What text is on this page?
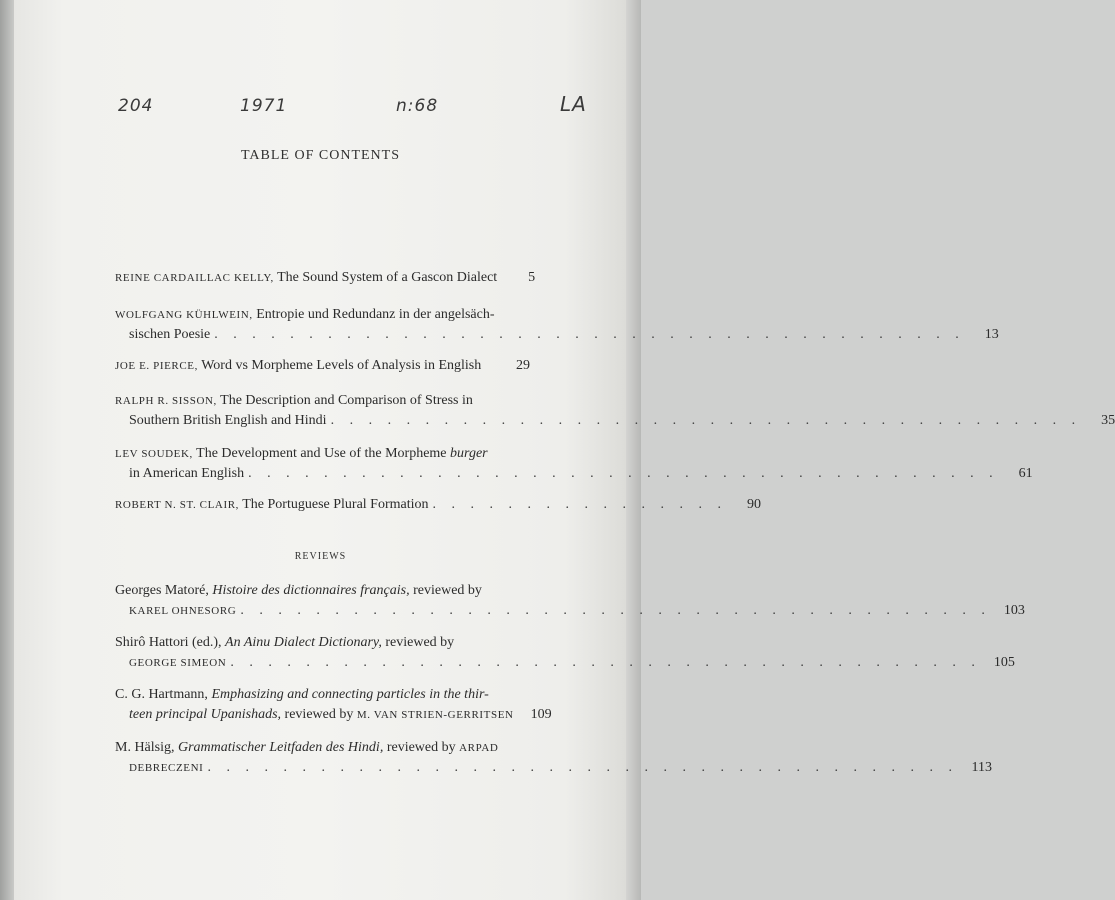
204	1971	n:68	LA
TABLE OF CONTENTS
REINE CARDAILLAC KELLY, The Sound System of a Gascon Dialect	5
WOLFGANG KÜHLWEIN, Entropie und Redundanz in der angelsäch-
sischen Poesie . . . . . . . . . . . . . . . . . . . . . . . . . . . . . . . . . . . . . . . .	13
JOE E. PIERCE, Word vs Morpheme Levels of Analysis in English	29
RALPH R. SISSON, The Description and Comparison of Stress in
Southern British English and Hindi . . . . . . . . . . . . . . . . . . . . . . . . . . . . . . . . . . . . . . . .	35
LEV SOUDEK, The Development and Use of the Morpheme burger
in American English . . . . . . . . . . . . . . . . . . . . . . . . . . . . . . . . . . . . . . . .	61
ROBERT N. ST. CLAIR, The Portuguese Plural Formation . . . . . . . . . . . . . . . .	90
REVIEWS
Georges Matoré, Histoire des dictionnaires français, reviewed by
KAREL OHNESORG . . . . . . . . . . . . . . . . . . . . . . . . . . . . . . . . . . . . . . . . 103
Shirô Hattori (ed.), An Ainu Dialect Dictionary, reviewed by
GEORGE SIMEON . . . . . . . . . . . . . . . . . . . . . . . . . . . . . . . . . . . . . . . . 105
C. G. Hartmann, Emphasizing and connecting particles in the thir-
teen principal Upanishads, reviewed by M. VAN STRIEN-GERRITSEN	109
M. Hälsig, Grammatischer Leitfaden des Hindi, reviewed by ARPAD
DEBRECZENI . . . . . . . . . . . . . . . . . . . . . . . . . . . . . . . . . . . . . . . . 113
